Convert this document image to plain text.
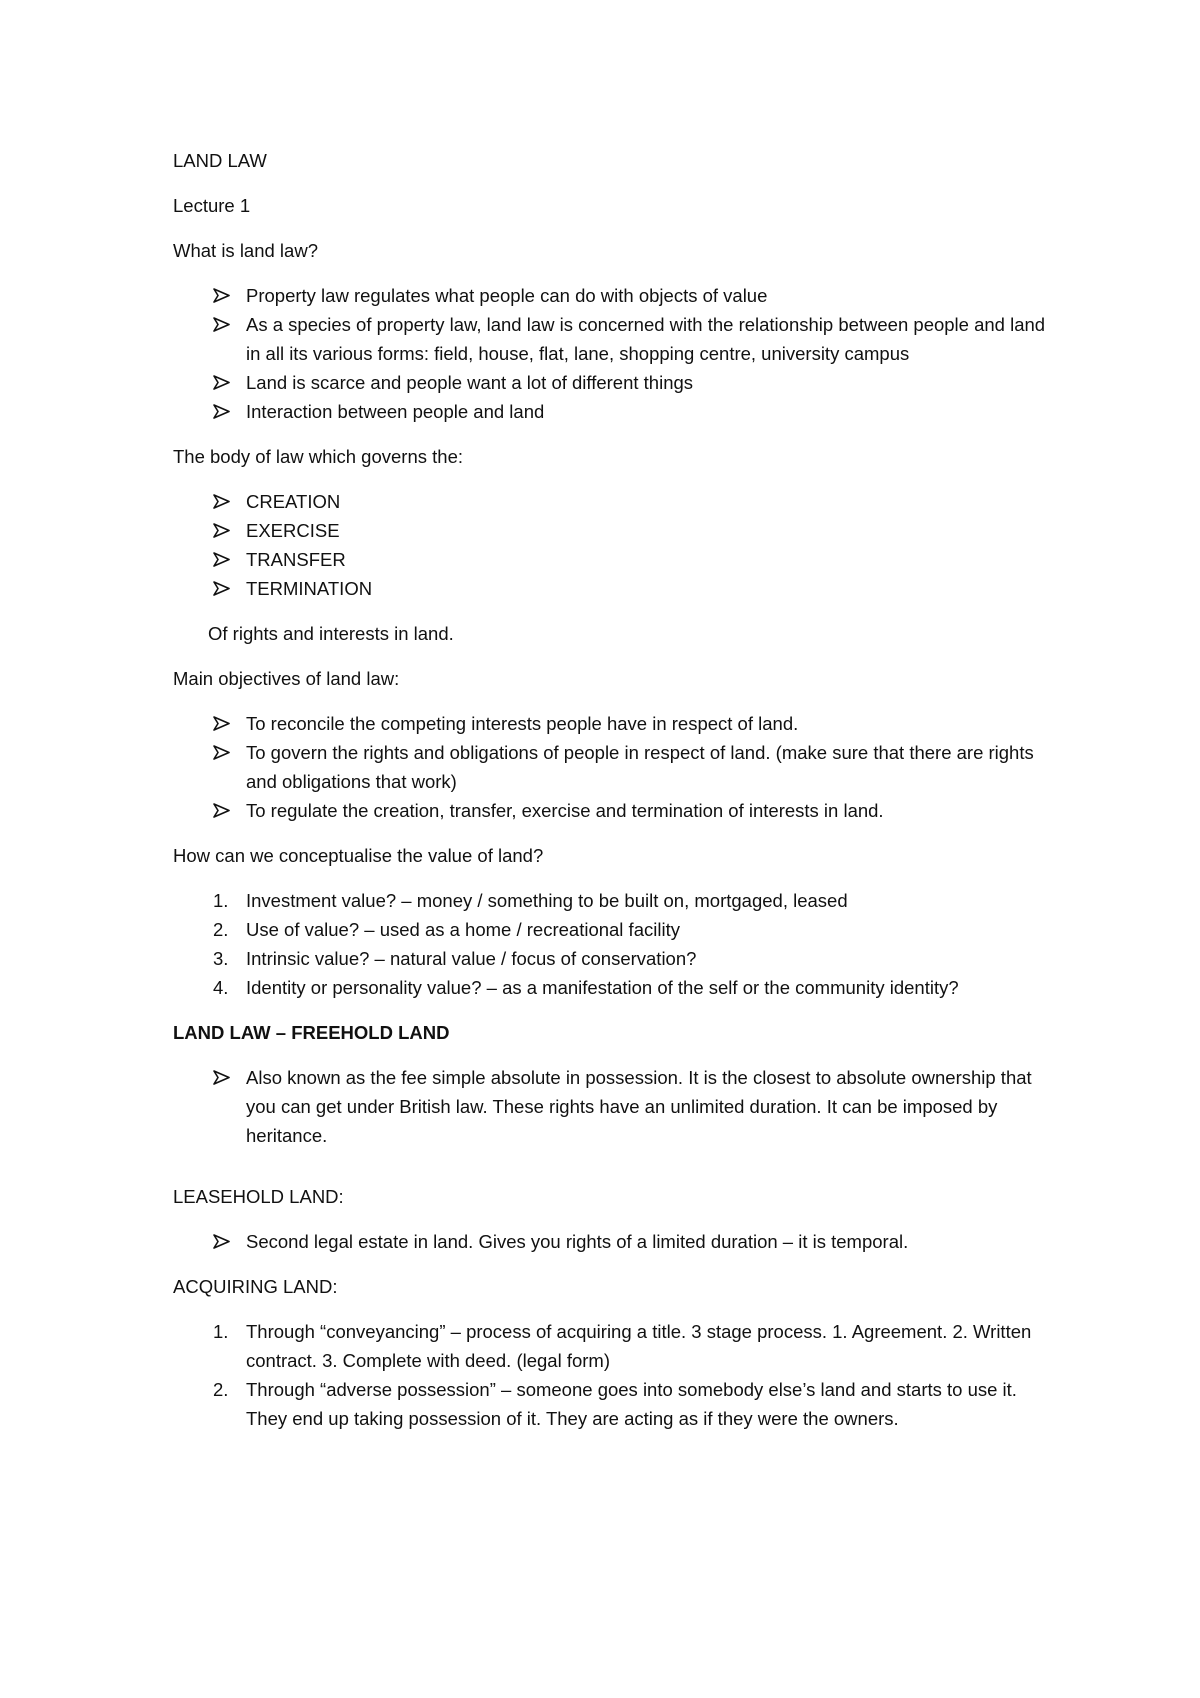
LAND LAW

Lecture 1

What is land law?

Property law regulates what people can do with objects of value
As a species of property law, land law is concerned with the relationship between people and land in all its various forms: field, house, flat, lane, shopping centre, university campus
Land is scarce and people want a lot of different things
Interaction between people and land

The body of law which governs the:

CREATION
EXERCISE
TRANSFER
TERMINATION

Of rights and interests in land.

Main objectives of land law:

To reconcile the competing interests people have in respect of land.
To govern the rights and obligations of people in respect of land. (make sure that there are rights and obligations that work)
To regulate the creation, transfer, exercise and termination of interests in land.

How can we conceptualise the value of land?

1. Investment value? – money / something to be built on, mortgaged, leased
2. Use of value? – used as a home / recreational facility
3. Intrinsic value? – natural value / focus of conservation?
4. Identity or personality value? – as a manifestation of the self or the community identity?

LAND LAW – FREEHOLD LAND

Also known as the fee simple absolute in possession. It is the closest to absolute ownership that you can get under British law. These rights have an unlimited duration. It can be imposed by heritance.

LEASEHOLD LAND:

Second legal estate in land. Gives you rights of a limited duration – it is temporal.

ACQUIRING LAND:

1. Through “conveyancing” – process of acquiring a title. 3 stage process. 1. Agreement. 2. Written contract. 3. Complete with deed. (legal form)
2. Through “adverse possession” – someone goes into somebody else’s land and starts to use it. They end up taking possession of it. They are acting as if they were the owners.
